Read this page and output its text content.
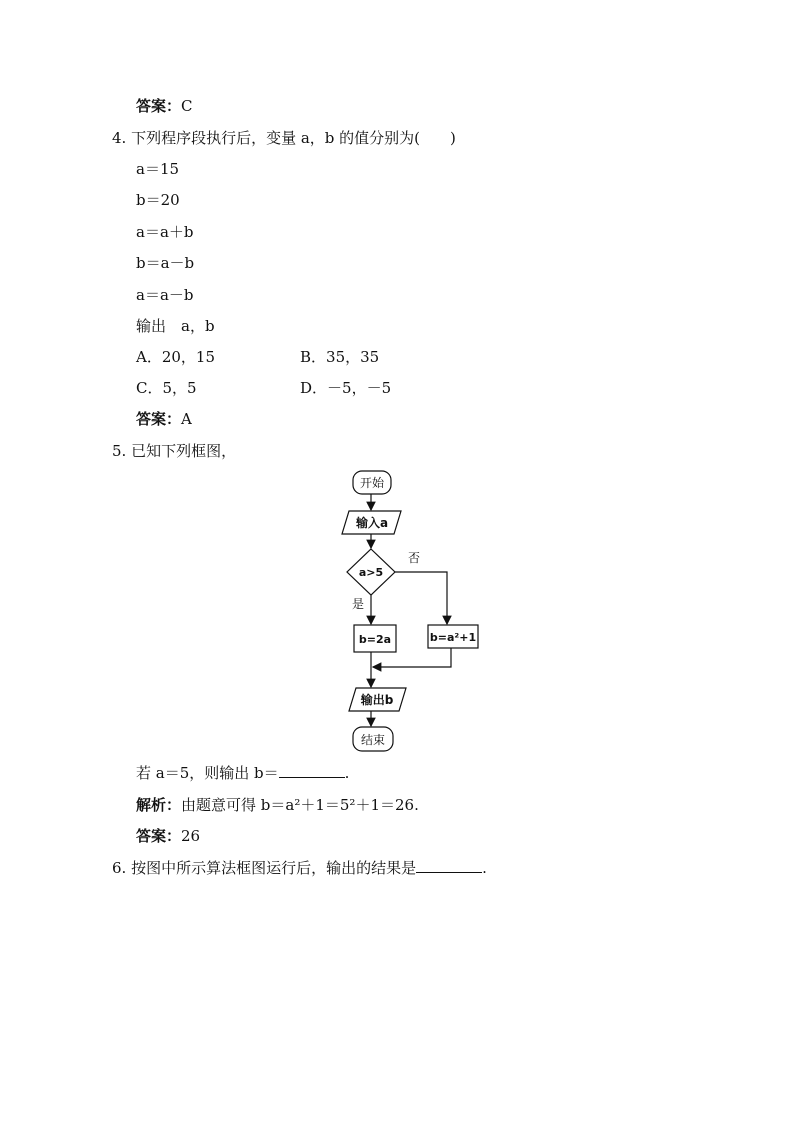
答案：C
4. 下列程序段执行后，变量 a，b 的值分别为( )
a＝15
b＝20
a＝a＋b
b＝a－b
a＝a－b
输出　a，b
A．20，15	B．35，35
C．5，5	D．－5，－5
答案：A
5. 已知下列框图，
开始
输入a
a>5
否
是
b=2a	b=a²+1
输出b
结束
若 a＝5，则输出 b＝	.
解析：由题意可得 b＝a²＋1＝5²＋1＝26.
答案：26
6. 按图中所示算法框图运行后，输出的结果是	.
